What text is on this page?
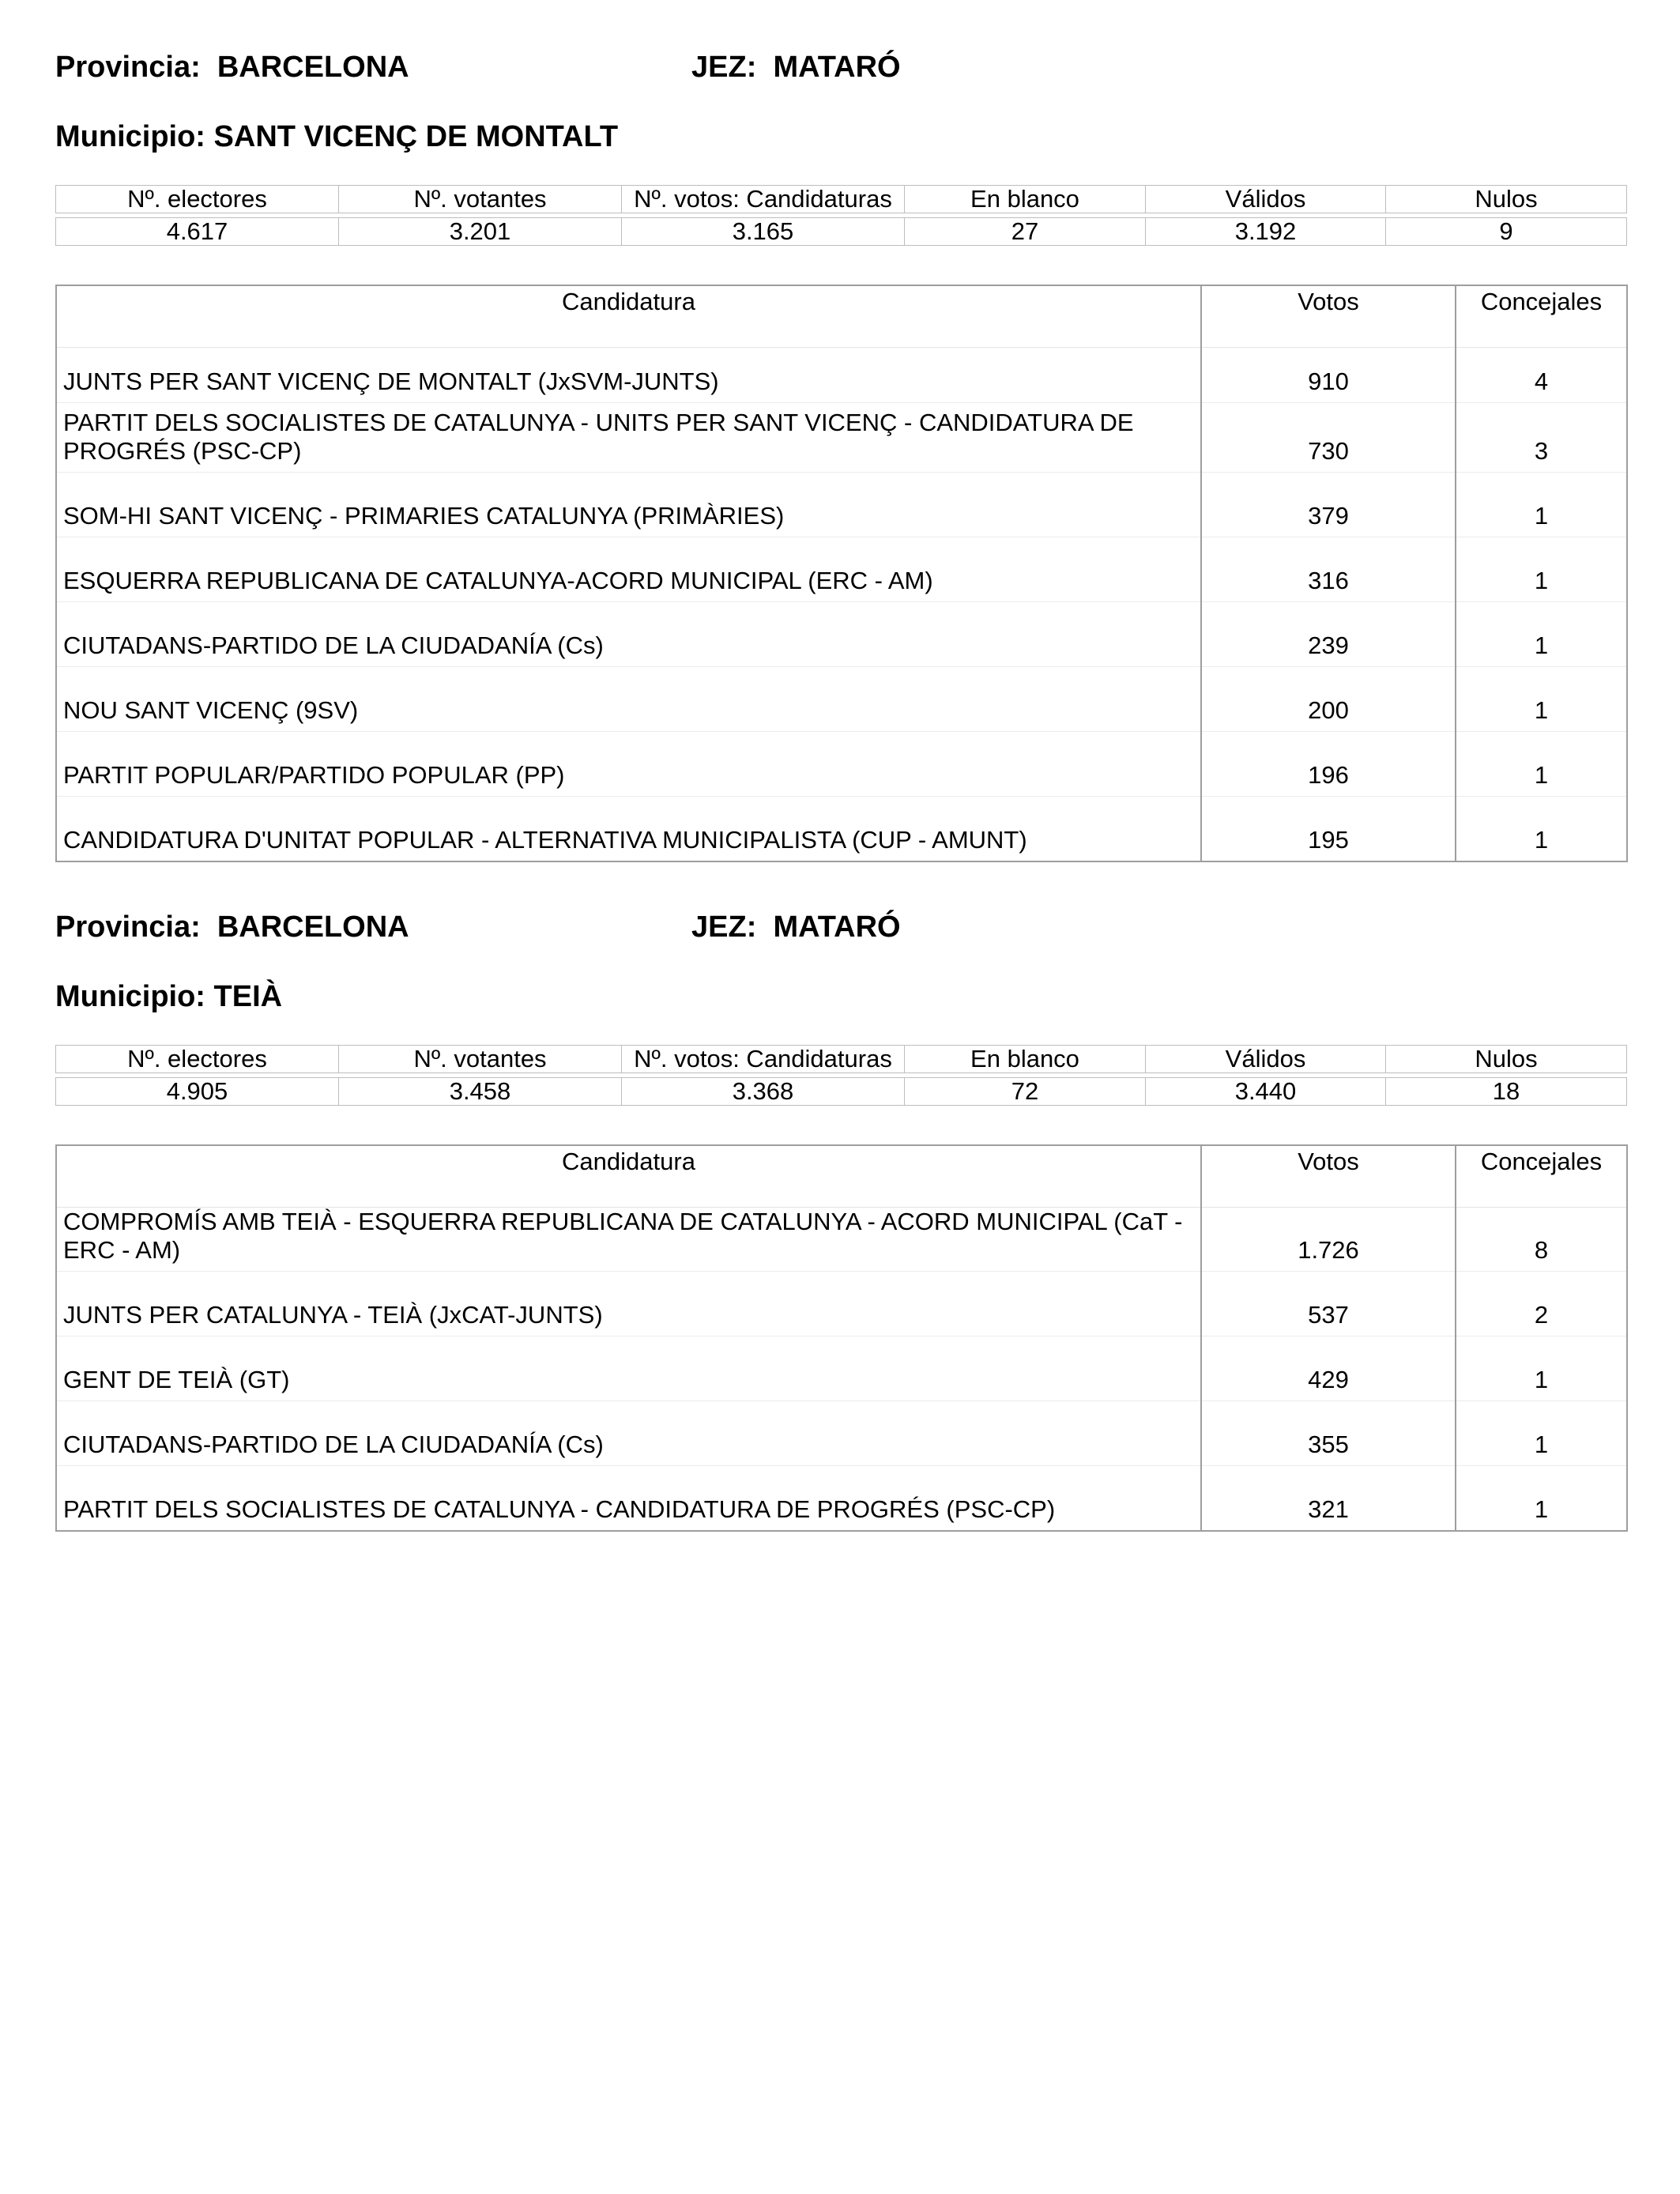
Provincia: BARCELONA	JEZ: MATARÓ
Municipio: SANT VICENÇ DE MONTALT
Nº. electores	Nº. votantes	Nº. votos: Candidaturas	En blanco	Válidos	Nulos

4.617	3.201	3.165	27	3.192	9
Candidatura	Votos	Concejales
JUNTS PER SANT VICENÇ DE MONTALT (JxSVM-JUNTS)	910	4
PARTIT DELS SOCIALISTES DE CATALUNYA - UNITS PER SANT VICENÇ - CANDIDATURA DE PROGRÉS (PSC-CP)	730	3
SOM-HI SANT VICENÇ - PRIMARIES CATALUNYA (PRIMÀRIES)	379	1
ESQUERRA REPUBLICANA DE CATALUNYA-ACORD MUNICIPAL (ERC - AM)	316	1
CIUTADANS-PARTIDO DE LA CIUDADANÍA (Cs)	239	1
NOU SANT VICENÇ (9SV)	200	1
PARTIT POPULAR/PARTIDO POPULAR (PP)	196	1
CANDIDATURA D'UNITAT POPULAR - ALTERNATIVA MUNICIPALISTA (CUP - AMUNT)	195	1
Provincia: BARCELONA	JEZ: MATARÓ
Municipio: TEIÀ
Nº. electores	Nº. votantes	Nº. votos: Candidaturas	En blanco	Válidos	Nulos

4.905	3.458	3.368	72	3.440	18
Candidatura	Votos	Concejales
COMPROMÍS AMB TEIÀ - ESQUERRA REPUBLICANA DE CATALUNYA - ACORD MUNICIPAL (CaT - ERC - AM)	1.726	8
JUNTS PER CATALUNYA - TEIÀ (JxCAT-JUNTS)	537	2
GENT DE TEIÀ (GT)	429	1
CIUTADANS-PARTIDO DE LA CIUDADANÍA (Cs)	355	1
PARTIT DELS SOCIALISTES DE CATALUNYA - CANDIDATURA DE PROGRÉS (PSC-CP)	321	1
